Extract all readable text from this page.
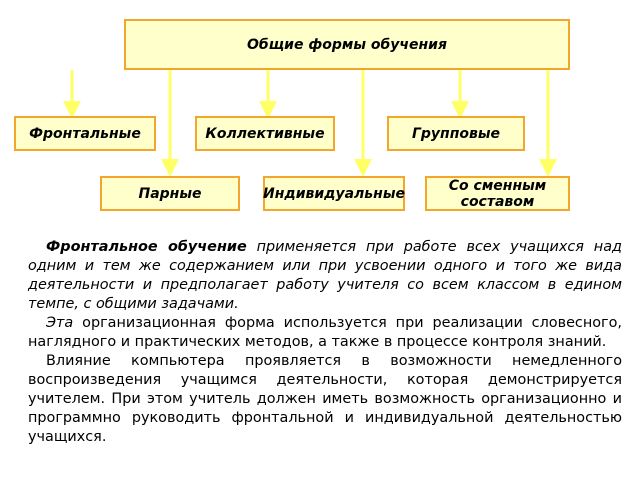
Общие формы обучения
Фронтальные	Коллективные	Групповые
Парные	Индивидуальные	Со сменным составом

Фронтальное обучение применяется при работе всех учащихся над одним и тем же содержанием или при усвоении одного и того же вида деятельности и предполагает работу учителя со всем классом в едином темпе, с общими задачами.

Эта организационная форма используется при реализации словесного, наглядного и практических методов, а также в процессе контроля знаний.

Влияние компьютера проявляется в возможности немедленного воспроизведения учащимся деятельности, которая демонстрируется учителем. При этом учитель должен иметь возможность организационно и программно руководить фронтальной и индивидуальной деятельностью учащихся.
